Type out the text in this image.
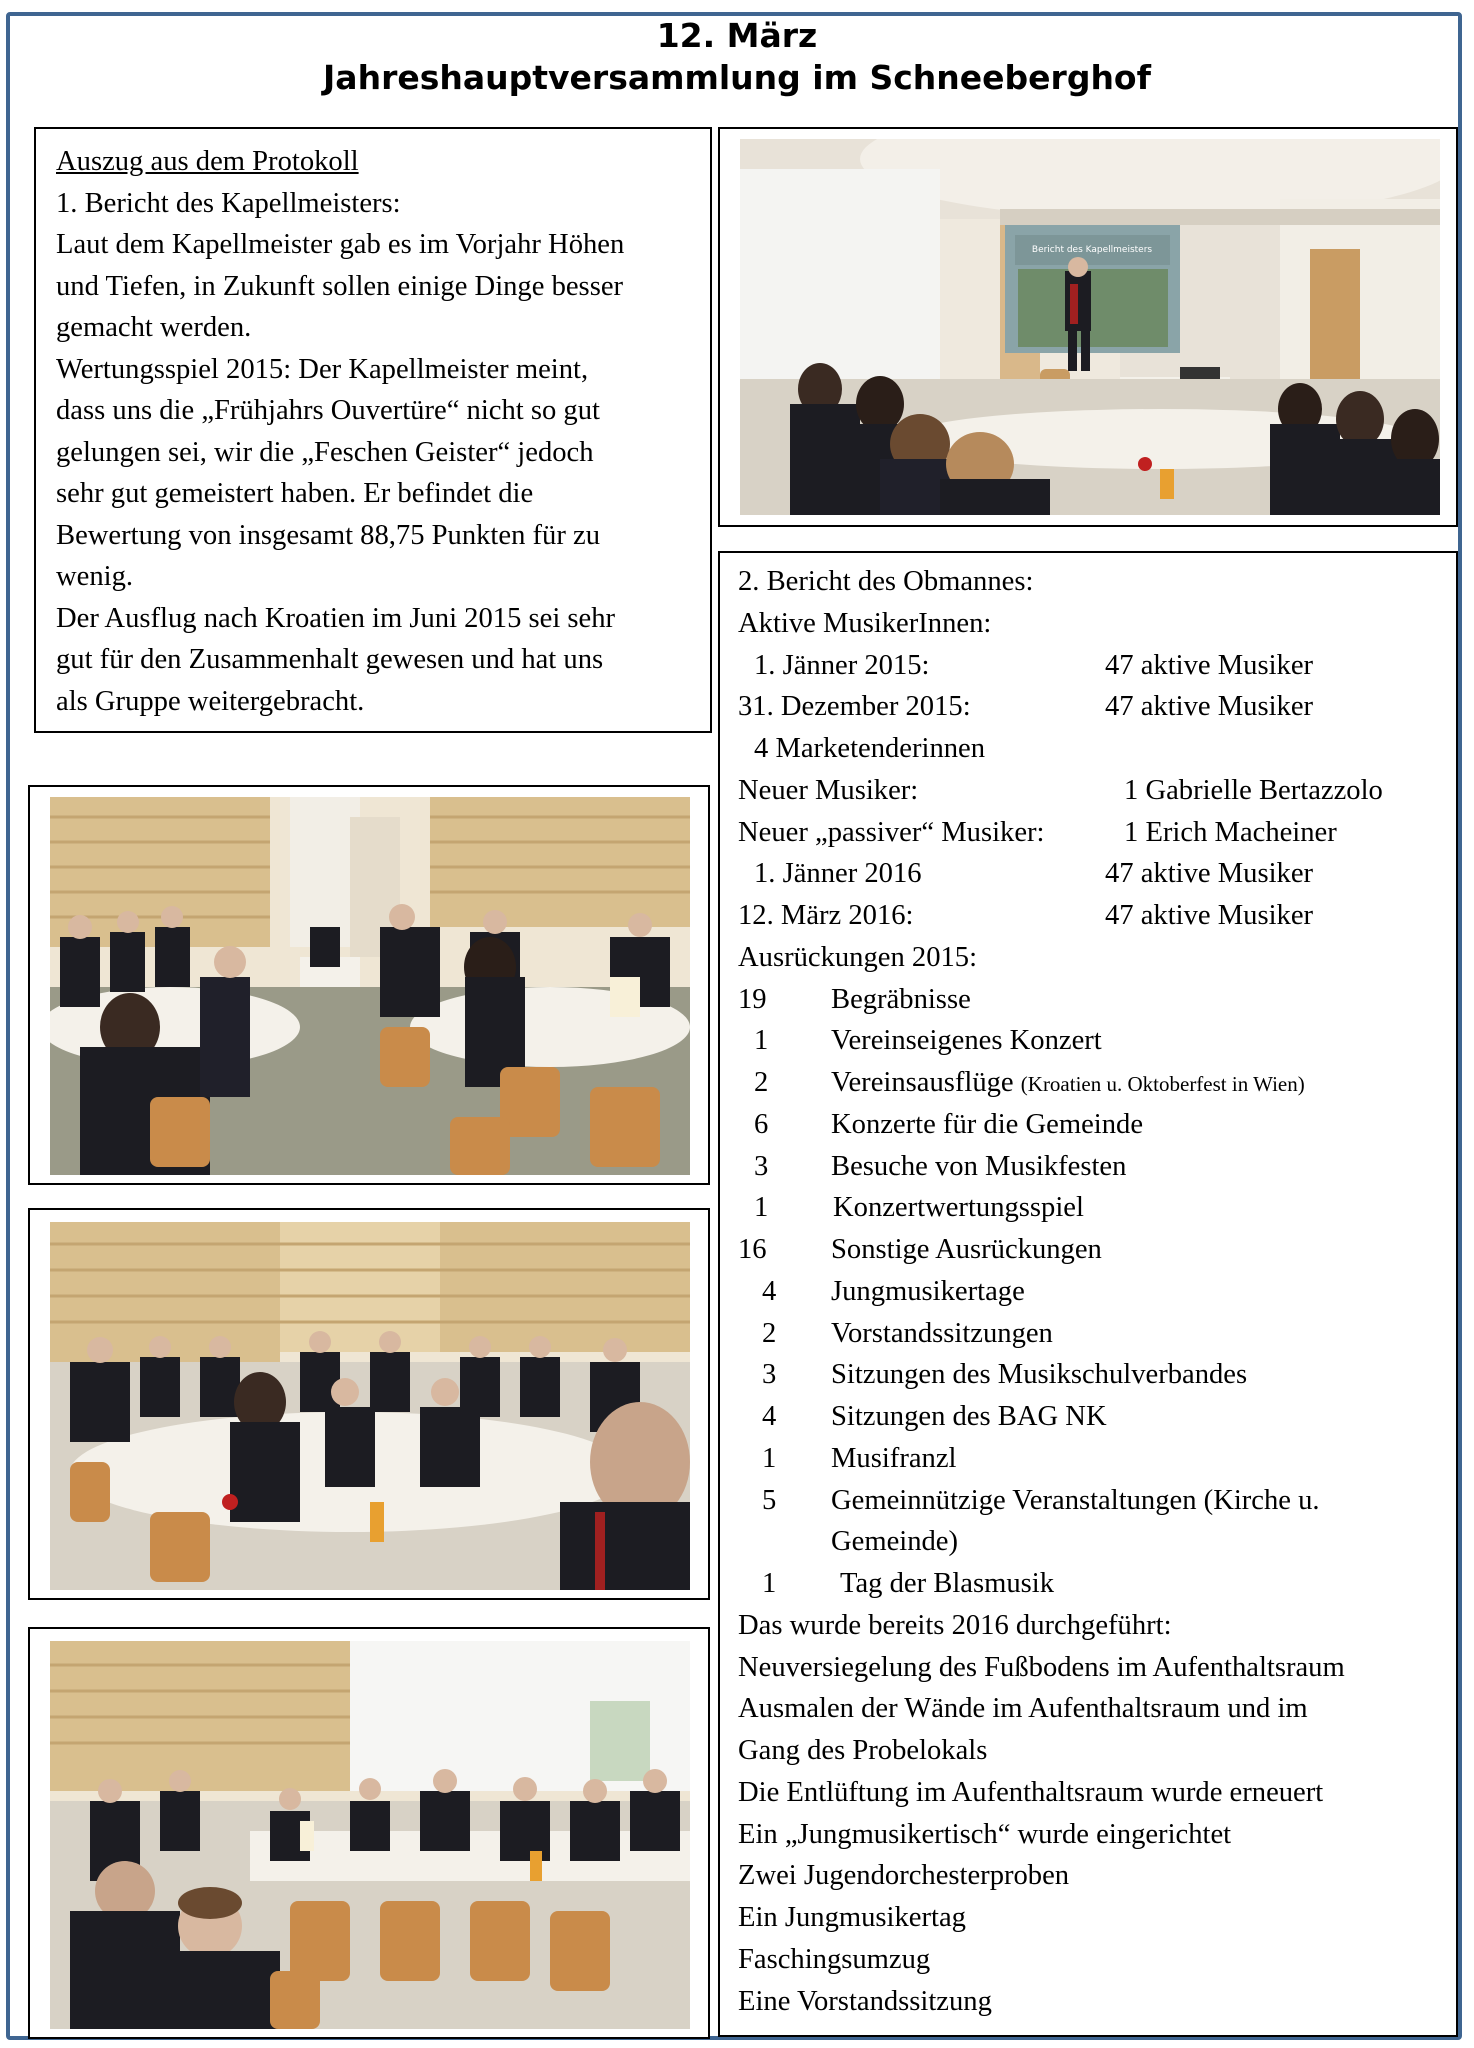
12. März
Jahreshauptversammlung im Schneeberghof
Auszug aus dem Protokoll
1. Bericht des Kapellmeisters:
Laut dem Kapellmeister gab es im Vorjahr Höhen
und Tiefen, in Zukunft sollen einige Dinge besser
gemacht werden.
Wertungsspiel 2015: Der Kapellmeister meint,
dass uns die „Frühjahrs Ouvertüre“ nicht so gut
gelungen sei, wir die „Feschen Geister“ jedoch
sehr gut gemeistert haben. Er befindet die
Bewertung von insgesamt 88,75 Punkten für zu
wenig.
Der Ausflug nach Kroatien im Juni 2015 sei sehr
gut für den Zusammenhalt gewesen und hat uns
als Gruppe weitergebracht.
Bericht des Kapellmeisters
2. Bericht des Obmannes:
Aktive MusikerInnen:
1. Jänner 2015:	47 aktive Musiker
31. Dezember 2015:	47 aktive Musiker
4 Marketenderinnen
Neuer Musiker:	1 Gabrielle Bertazzolo
Neuer „passiver“ Musiker:	1 Erich Macheiner
1. Jänner 2016	47 aktive Musiker
12. März 2016:	47 aktive Musiker
Ausrückungen 2015:
19 Begräbnisse
1 Vereinseigenes Konzert
2 Vereinsausflüge (Kroatien u. Oktoberfest in Wien)
6 Konzerte für die Gemeinde
3 Besuche von Musikfesten
1 Konzertwertungsspiel
16 Sonstige Ausrückungen
4 Jungmusikertage
2 Vorstandssitzungen
3 Sitzungen des Musikschulverbandes
4 Sitzungen des BAG NK
1 Musifranzl
5 Gemeinnützige Veranstaltungen (Kirche u.
Gemeinde)
1 Tag der Blasmusik
Das wurde bereits 2016 durchgeführt:
Neuversiegelung des Fußbodens im Aufenthaltsraum
Ausmalen der Wände im Aufenthaltsraum und im
Gang des Probelokals
Die Entlüftung im Aufenthaltsraum wurde erneuert
Ein „Jungmusikertisch“ wurde eingerichtet
Zwei Jugendorchesterproben
Ein Jungmusikertag
Faschingsumzug
Eine Vorstandssitzung
